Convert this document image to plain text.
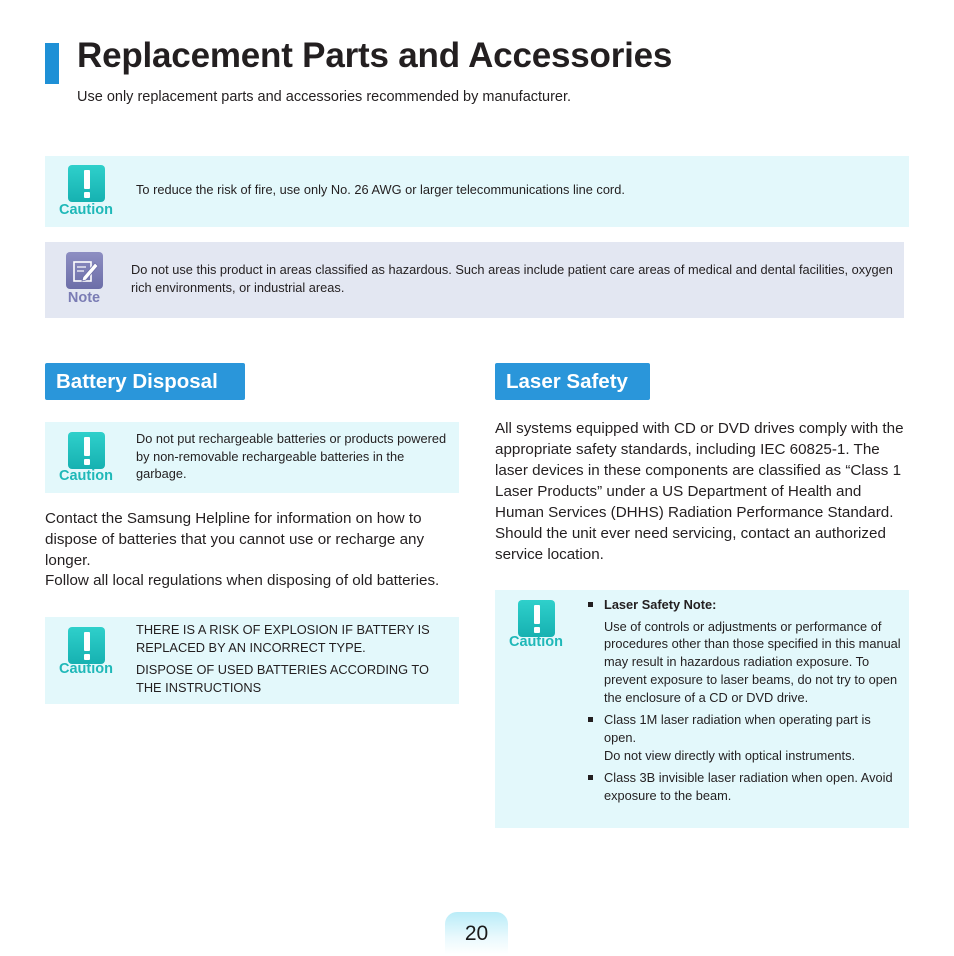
Replacement Parts and Accessories
Use only replacement parts and accessories recommended by manufacturer.
Caution
To reduce the risk of fire, use only No. 26 AWG or larger telecommunications line cord.
Note
Do not use this product in areas classified as hazardous. Such areas include patient care areas of medical and dental facilities, oxygen rich environments, or industrial areas.
Battery Disposal
Caution
Do not put rechargeable batteries or products powered by non-removable rechargeable batteries in the garbage.
Contact the Samsung Helpline for information on how to dispose of batteries that you cannot use or recharge any longer.
Follow all local regulations when disposing of old batteries.
Caution
THERE IS A RISK OF EXPLOSION IF BATTERY IS REPLACED BY AN INCORRECT TYPE.
DISPOSE OF USED BATTERIES ACCORDING TO THE INSTRUCTIONS
Laser Safety
All systems equipped with CD or DVD drives comply with the appropriate safety standards, including IEC 60825-1. The laser devices in these components are classified as “Class 1 Laser Products” under a US Department of Health and Human Services (DHHS) Radiation Performance Standard. Should the unit ever need servicing, contact an authorized service location.
Caution
Laser Safety Note:
Use of controls or adjustments or performance of procedures other than those specified in this manual may result in hazardous radiation exposure. To prevent exposure to laser beams, do not try to open the enclosure of a CD or DVD drive.
Class 1M laser radiation when operating part is open.
Do not view directly with optical instruments.
Class 3B invisible laser radiation when open. Avoid exposure to the beam.
20
